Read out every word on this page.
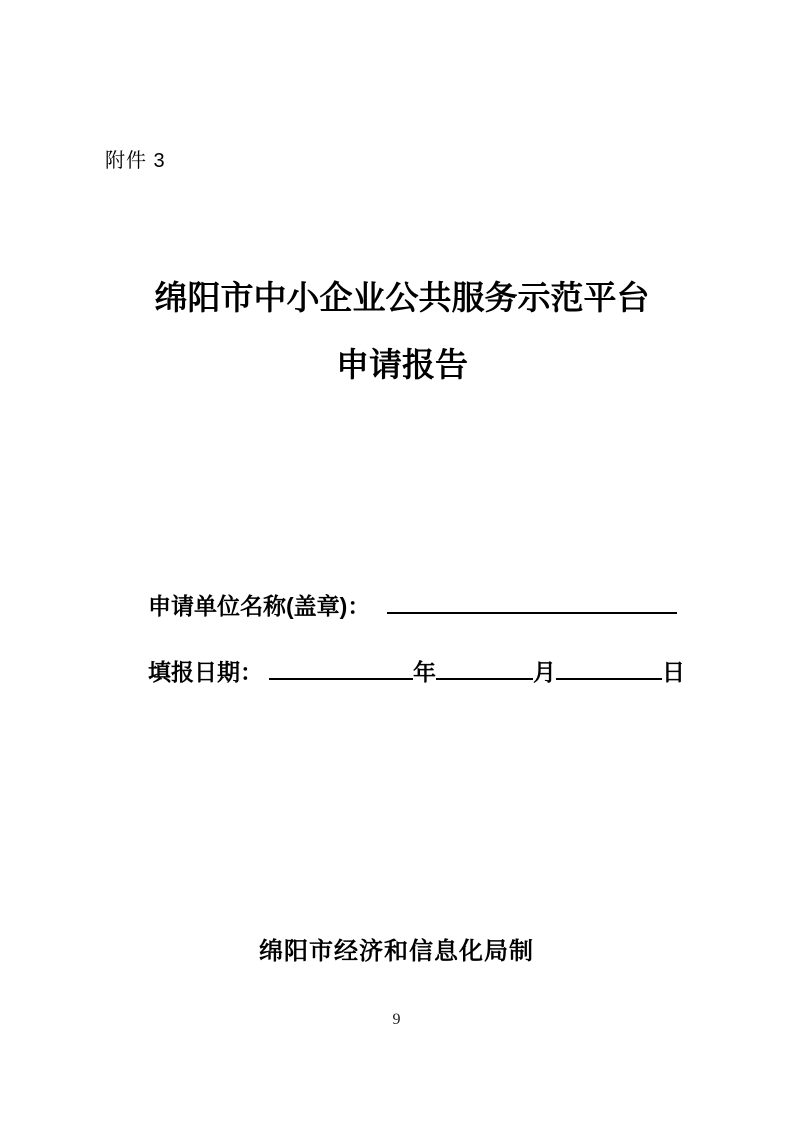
附件 3
绵阳市中小企业公共服务示范平台
申请报告
申请单位名称(盖章)：
填报日期：	年	月	日
绵阳市经济和信息化局制
9
